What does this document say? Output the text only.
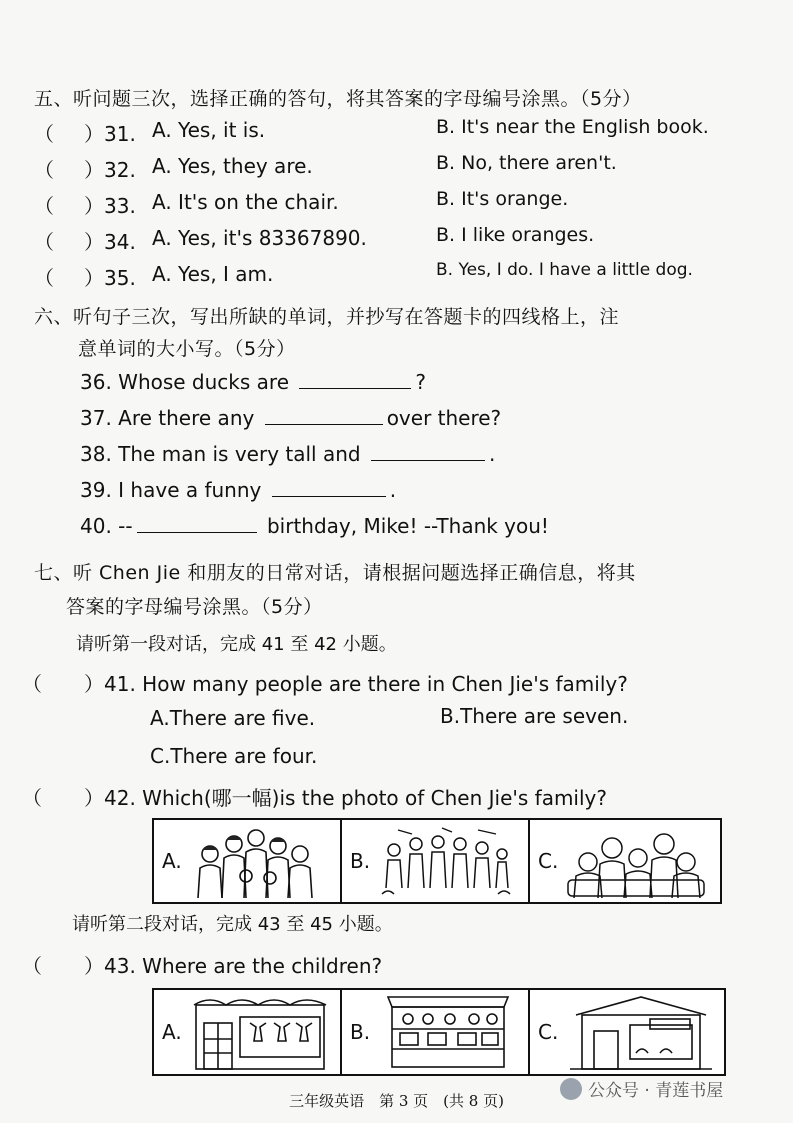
五、听问题三次，选择正确的答句，将其答案的字母编号涂黑。（5分）
（ ）31. A. Yes, it is.	B. It's near the English book.
（ ）32. A. Yes, they are.	B. No, there aren't.
（ ）33. A. It's on the chair.	B. It's orange.
（ ）34. A. Yes, it's 83367890.	B. I like oranges.
（ ）35. A. Yes, I am.	B. Yes, I do. I have a little dog.
六、听句子三次，写出所缺的单词，并抄写在答题卡的四线格上，注
意单词的大小写。（5分）
36. Whose ducks are	?
37. Are there any	over there?
38. The man is very tall and	.
39. I have a funny	.
40. --	birthday, Mike! --Thank you!
七、听 Chen Jie 和朋友的日常对话，请根据问题选择正确信息，将其
答案的字母编号涂黑。（5分）
请听第一段对话，完成 41 至 42 小题。
（ ）41. How many people are there in Chen Jie's family?
A.There are five.	B.There are seven.
C.There are four.
（ ）42. Which(哪一幅)is the photo of Chen Jie's family?
A.	B.	C.
请听第二段对话，完成 43 至 45 小题。
（ ）43. Where are the children?
A.	B.	C.
三年级英语　第 3 页　(共 8 页)	公众号 · 青莲书屋
